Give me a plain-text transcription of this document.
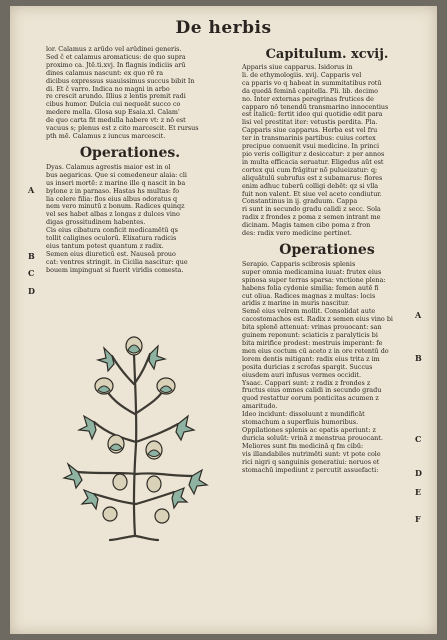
De herbis

lor. Calamus z arūdo vel arūdinei generis.

Sed č et calamus aromaticus: de quo supra

proximo ca. Jtē.ti.xvj. In flagnis indiciis arū

dines calamus nascunt: ex quo rē ra

dicibus expressus suauissimus succus bibit In

di. Et č varro. Indica no magni in arbo

re crescit arundo. Illius z lentis premit radi

cibus humor. Dulcia cui nequeāt succo co

medere mella. Glosa sup Esaia.xl. Calam'

de quo carta fit medulla habere vt: z nō est

vacuus s; plenus est z cito marcescit. Et rursus

pth mē. Calamus z iuncus marcescit.

Operationes.

Dyas. Calamus agrestis maior est in ol

bus aegaricas. Que si comedeneur alaia: cli

us inseri mortē: z marine ille q nascit in ba

bylone z in parnaso. Hastas hs multas: fo

lia celere filia: flos eius albus odoratus q

nem vero minutū z bonum. Radices quinqz

vel ses habet albas z longas z dulces vino

digas grossitudinem habentes.

Cis eius cibatura conficit medicamētū qs

tollit caligines oculorū. Elixatura radicis

eius tantum potest quantum z radix.

Semen eius diureticū est. Nauseā prouo

cat: ventres stringit. in Cicilia nascitur: que

bouem impinguat si fuerit viridis comesta.

Capitulum. xcvij.

Apparis siue capparus. Isidorus in

li. de ethymologiis. xvij. Capparis vel

ca pparis vo q habeat in summitatibus rotū

da quedā feminā capitella. Pli. lib. decimo

no. Inter externas peregrinas frutices de

capparo nō tenendū transmarino innocentius

est italicū: fertit ideo qui quotidie edit para

lisi vel prestitat iter: vetustis perdita. Pla.

Capparis siue capparus. Herba est vel fru

ter in transmarinis partibus: cuius cortex

precipue conuenit vsui medicine. In princi

pio veris colligitur z desiccatur: z per annos

in multa efficacia seruatur. Eligedus aūt est

cortex qui cum frāgitur nō pulueizatur: q;

aliquātulū subrufus est z subamarus: flores

enim adhuc tuberū colligi debēt: qz si vlla

fuit non valent. Et siue vel aceto condiutur.

Constantinus in ij. graduum. Cappa

ri sunt in secundo gradu calidi z secc. Sola

radix z frondes z poma z semen intrant me

dicinam. Magis tamen cibo poma z fron

des: radix vero medicine pertinet.

Operationes

Serapio. Capparis scibrosis splenis

super omnia medicamina iuuat: frutex eius

spinosa super terras sparsa: vnctione plena:

habens folia cydonie similia: femen autē fi

cut oliua. Radices magnas z multas: locis

aridis z marine in muris nascitur.

Semē eius velrem mollit. Consolidat aute

cacostomachos est. Radix z semen eius vino bi

bita splenē attenuat: vrinas prouocant: san

guinem reponunt: sciaticis z paralyticis bi

bita mirifice prodest: mestruis imperant: fe

men eius coctum cū aceto z in ore retentū do

lorem dentis mitigant: radix eius trita z im

posita duricias z scrofas spargit. Succus

eiusdem auri infusus vermes occidit.

Ysaac. Cappari sunt: z radix z frondes z

fructus eius omnes calidi in secundo gradu

quod restattur eorum ponticitas acumen z

amaritudo.

Ideo incidunt: dissoluunt z mundificāt

stomachum a superfluis humoribus.

Oppilationes splenis ac epatis aperiunt: z

duricia soluūt: vrinā z menstrua prouocant.

Meliores sunt fm medicinā q fm cibū:

vis illandabiles nutrimēti sunt: vt pote cole

rici nigri q sanguinis generatiui: neruos et

stomachū impediunt z percutit assuefacti:

A
B
C
D
A
B
C
D
E
F
